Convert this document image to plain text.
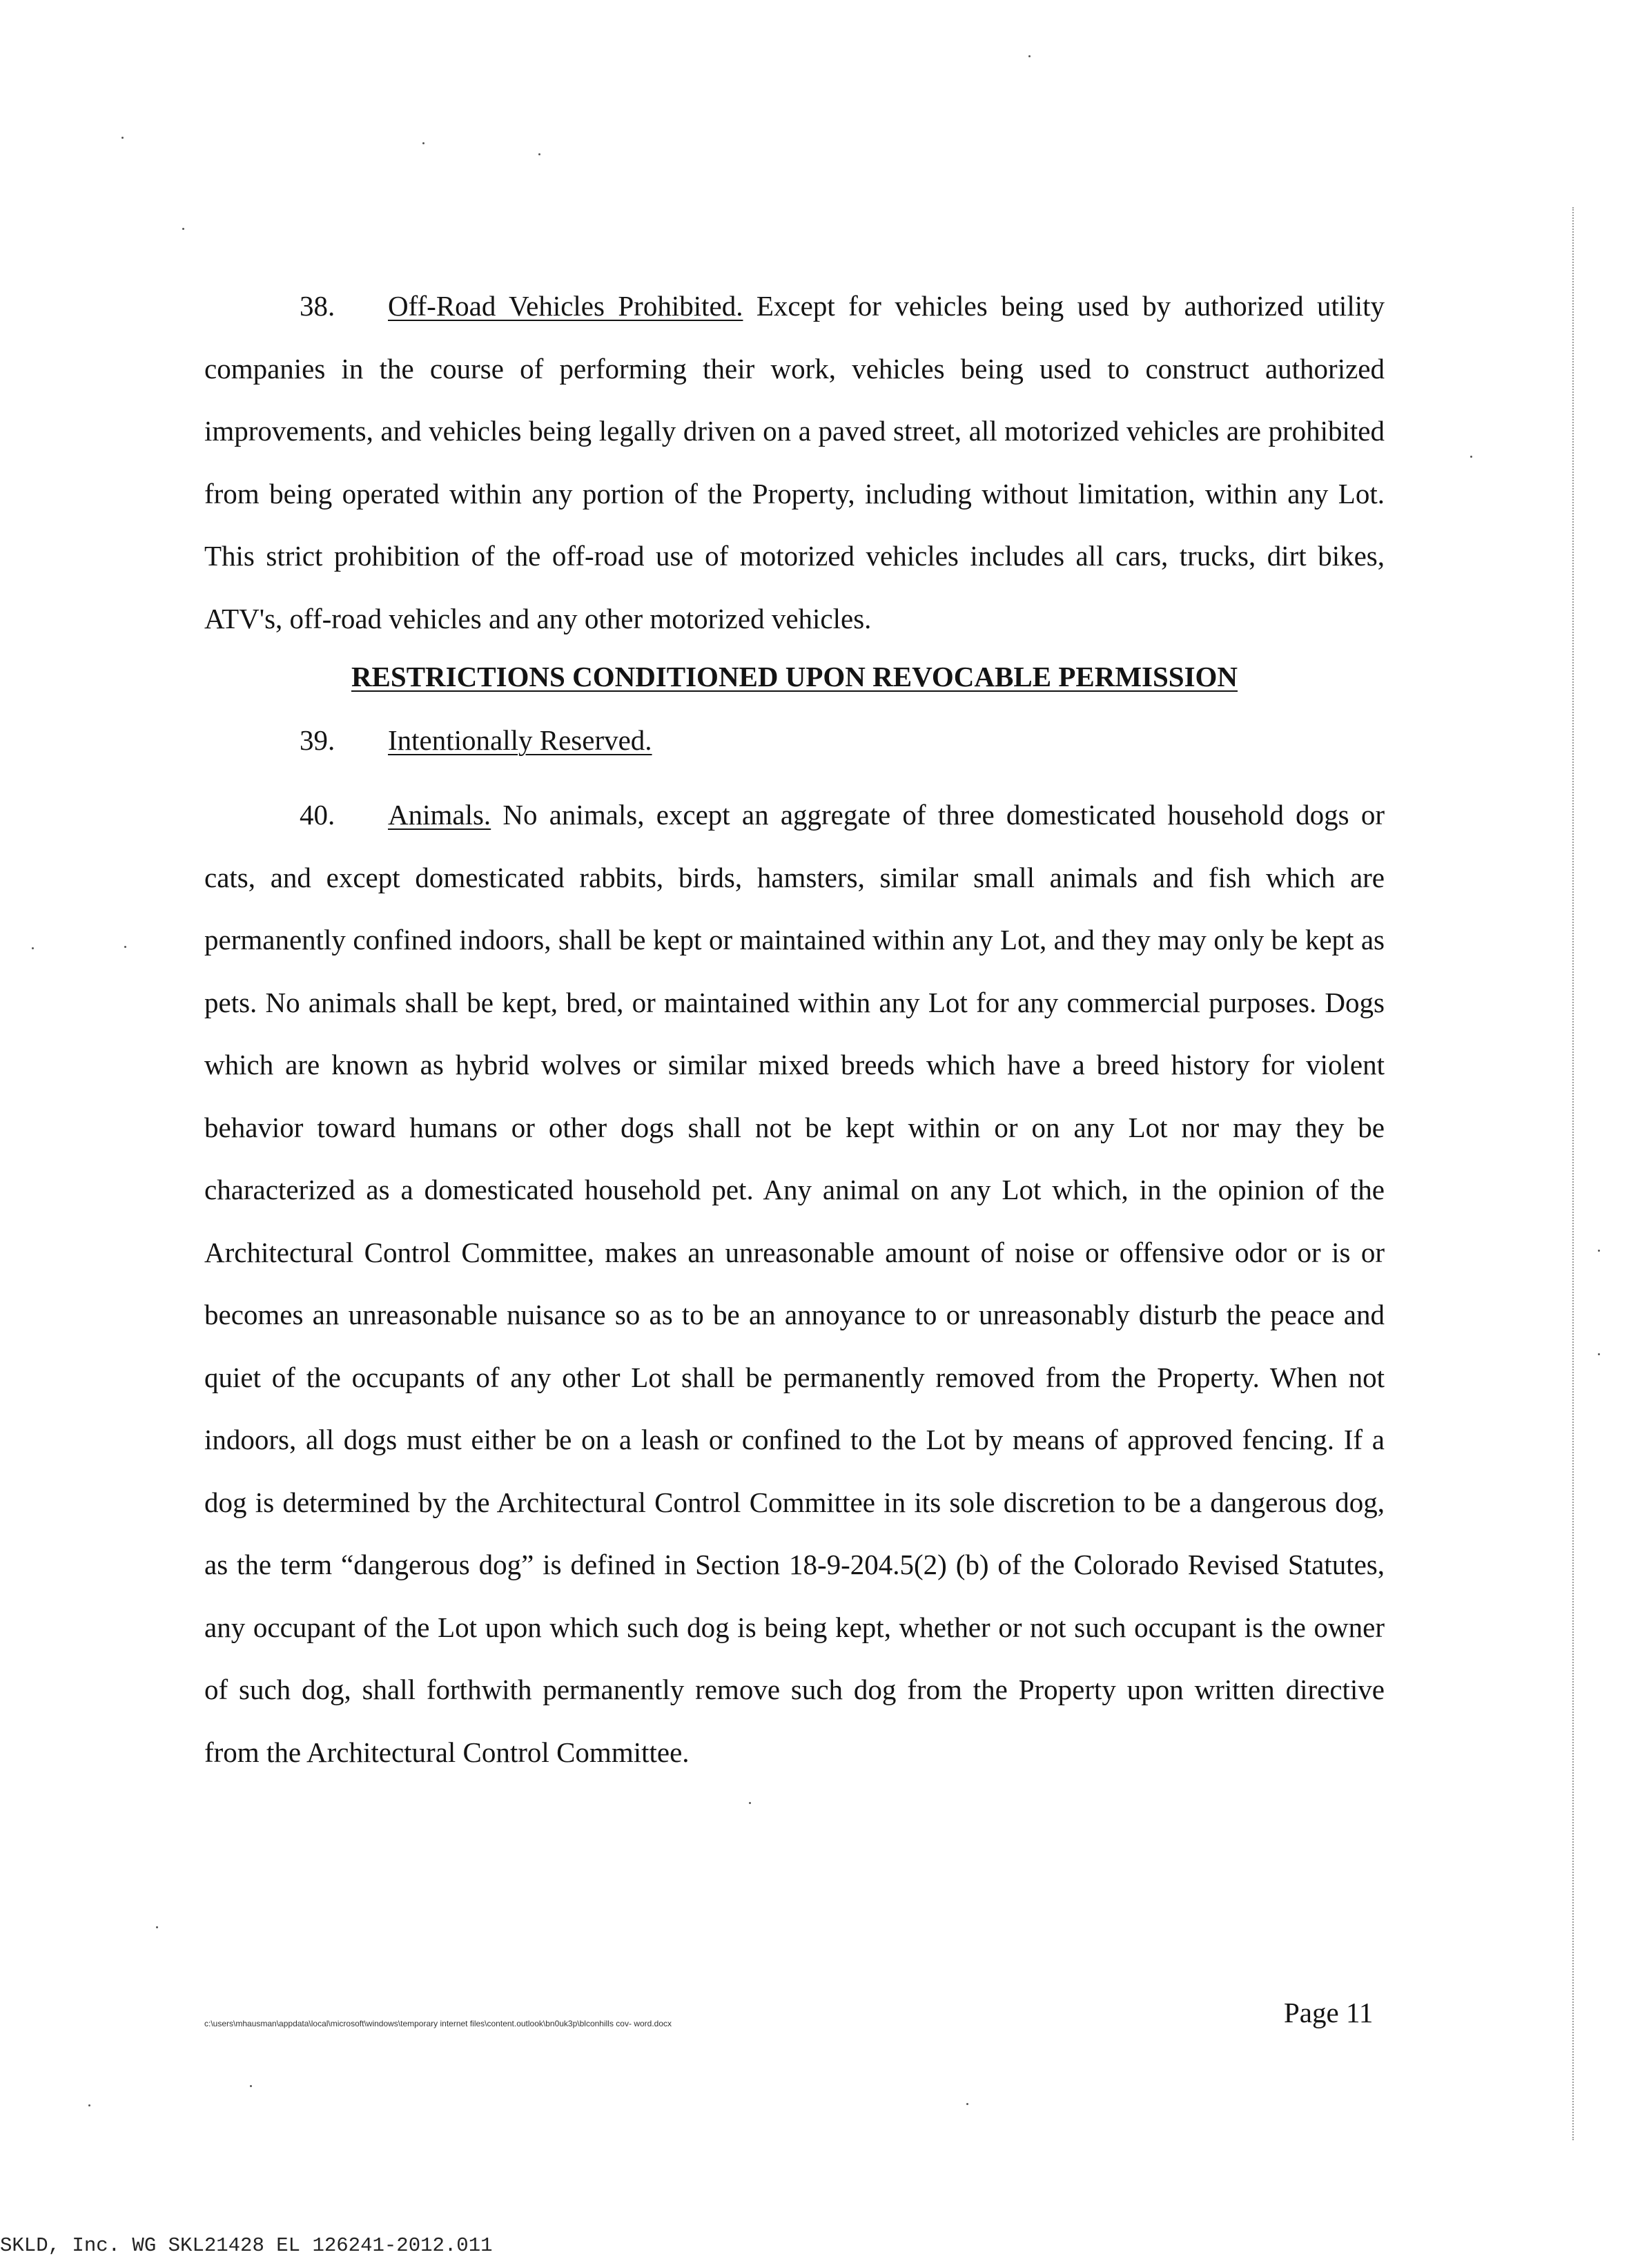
38. Off-Road Vehicles Prohibited. Except for vehicles being used by authorized utility companies in the course of performing their work, vehicles being used to construct authorized improvements, and vehicles being legally driven on a paved street, all motorized vehicles are prohibited from being operated within any portion of the Property, including without limitation, within any Lot. This strict prohibition of the off-road use of motorized vehicles includes all cars, trucks, dirt bikes, ATV's, off-road vehicles and any other motorized vehicles.

RESTRICTIONS CONDITIONED UPON REVOCABLE PERMISSION
39. Intentionally Reserved.

40. Animals. No animals, except an aggregate of three domesticated household dogs or cats, and except domesticated rabbits, birds, hamsters, similar small animals and fish which are permanently confined indoors, shall be kept or maintained within any Lot, and they may only be kept as pets. No animals shall be kept, bred, or maintained within any Lot for any commercial purposes. Dogs which are known as hybrid wolves or similar mixed breeds which have a breed history for violent behavior toward humans or other dogs shall not be kept within or on any Lot nor may they be characterized as a domesticated household pet. Any animal on any Lot which, in the opinion of the Architectural Control Committee, makes an unreasonable amount of noise or offensive odor or is or becomes an unreasonable nuisance so as to be an annoyance to or unreasonably disturb the peace and quiet of the occupants of any other Lot shall be permanently removed from the Property. When not indoors, all dogs must either be on a leash or confined to the Lot by means of approved fencing. If a dog is determined by the Architectural Control Committee in its sole discretion to be a dangerous dog, as the term “dangerous dog” is defined in Section 18-9-204.5(2) (b) of the Colorado Revised Statutes, any occupant of the Lot upon which such dog is being kept, whether or not such occupant is the owner of such dog, shall forthwith permanently remove such dog from the Property upon written directive from the Architectural Control Committee.

c:\users\mhausman\appdata\local\microsoft\windows\temporary internet files\content.outlook\bn0uk3p\blconhills cov- word.docx	Page 11
SKLD, Inc. WG SKL21428 EL 126241-2012.011
